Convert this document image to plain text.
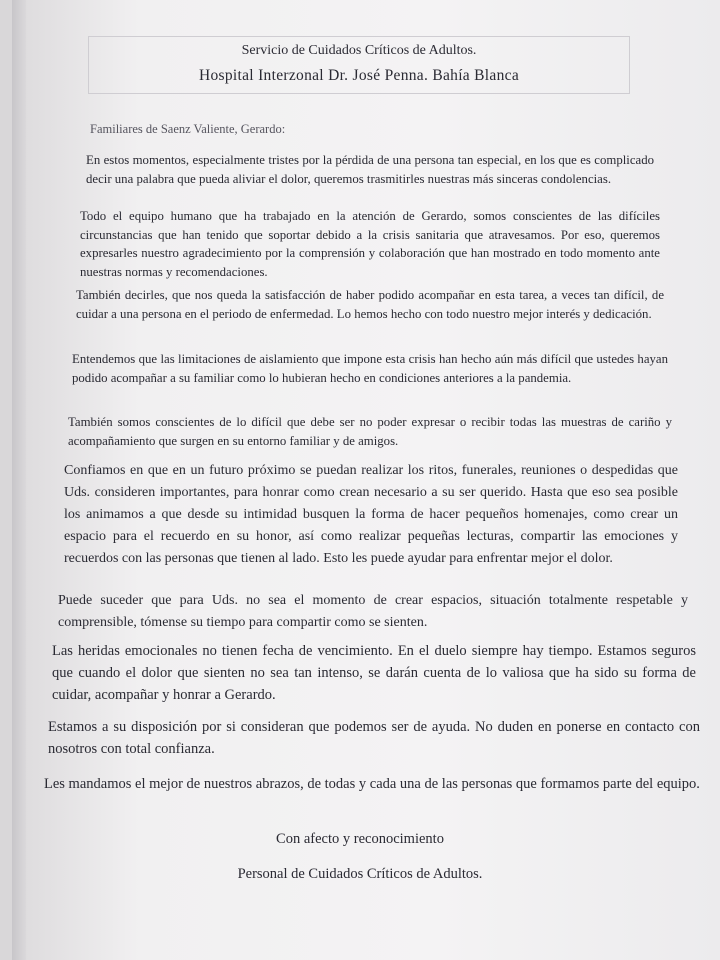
Servicio de Cuidados Críticos de Adultos.
Hospital Interzonal Dr. José Penna. Bahía Blanca
Familiares de Saenz Valiente, Gerardo:

En estos momentos, especialmente tristes por la pérdida de una persona tan especial, en los que es complicado decir una palabra que pueda aliviar el dolor, queremos trasmitirles nuestras más sinceras condolencias.

Todo el equipo humano que ha trabajado en la atención de Gerardo, somos conscientes de las difíciles circunstancias que han tenido que soportar debido a la crisis sanitaria que atravesamos. Por eso, queremos expresarles nuestro agradecimiento por la comprensión y colaboración que han mostrado en todo momento ante nuestras normas y recomendaciones.

También decirles, que nos queda la satisfacción de haber podido acompañar en esta tarea, a veces tan difícil, de cuidar a una persona en el periodo de enfermedad. Lo hemos hecho con todo nuestro mejor interés y dedicación.

Entendemos que las limitaciones de aislamiento que impone esta crisis han hecho aún más difícil que ustedes hayan podido acompañar a su familiar como lo hubieran hecho en condiciones anteriores a la pandemia.

También somos conscientes de lo difícil que debe ser no poder expresar o recibir todas las muestras de cariño y acompañamiento que surgen en su entorno familiar y de amigos.

Confiamos en que en un futuro próximo se puedan realizar los ritos, funerales, reuniones o despedidas que Uds. consideren importantes, para honrar como crean necesario a su ser querido. Hasta que eso sea posible los animamos a que desde su intimidad busquen la forma de hacer pequeños homenajes, como crear un espacio para el recuerdo en su honor, así como realizar pequeñas lecturas, compartir las emociones y recuerdos con las personas que tienen al lado. Esto les puede ayudar para enfrentar mejor el dolor.

Puede suceder que para Uds. no sea el momento de crear espacios, situación totalmente respetable y comprensible, tómense su tiempo para compartir como se sienten.

Las heridas emocionales no tienen fecha de vencimiento. En el duelo siempre hay tiempo. Estamos seguros que cuando el dolor que sienten no sea tan intenso, se darán cuenta de lo valiosa que ha sido su forma de cuidar, acompañar y honrar a Gerardo.

Estamos a su disposición por si consideran que podemos ser de ayuda. No duden en ponerse en contacto con nosotros con total confianza.

Les mandamos el mejor de nuestros abrazos, de todas y cada una de las personas que formamos parte del equipo.

Con afecto y reconocimiento
Personal de Cuidados Críticos de Adultos.
